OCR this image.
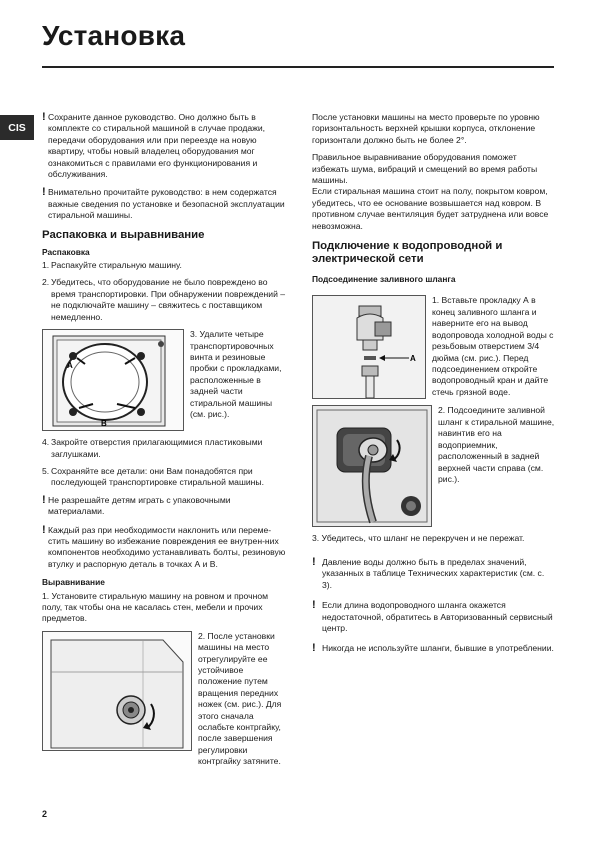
Установка
CIS
! Сохраните данное руководство. Оно должно быть в комплекте со стиральной машиной в случае продажи, передачи оборудования или при переезде на новую квартиру, чтобы новый владелец оборудования мог ознакомиться с правилами его функционирования и обслуживания.
! Внимательно прочитайте руководство: в нем содержатся важные сведения по установке и безопасной эксплуатации стиральной машины.
Распаковка и выравнивание
Распаковка
1. Распакуйте стиральную машину.
2. Убедитесь, что оборудование не было повреждено во время транспортировки. При обнаружении повреждений – не подключайте машину – свяжитесь с поставщиком немедленно.
A
B
3. Удалите четыре транспортировочных винта и резиновые пробки с прокладками, расположенные в задней части стиральной машины (см. рис.).
4. Закройте отверстия прилагающимися пластиковыми заглушками.
5. Сохраняйте все детали: они Вам понадобятся при последующей транспортировке стиральной машины.
! Не разрешайте детям играть с упаковочными материалами.
! Каждый раз при необходимости наклонить или переме-стить машину во избежание повреждения ее внутрен-них компонентов необходимо устанавливать болты, резиновую втулку и распорную деталь в точках А и В.
Выравнивание

1. Установите стиральную машину на ровном и прочном полу, так чтобы она не касалась стен, мебели и прочих предметов.

2. После установки машины на место отрегулируйте ее устойчивое положение путем вращения передних ножек (см. рис.). Для этого сначала ослабьте контргайку, после завершения регулировки контргайку затяните.

После установки машины на место проверьте по уровню горизонтальность верхней крышки корпуса, отклонение горизонтали должно быть не более 2°.

Правильное выравнивание оборудования поможет избежать шума, вибраций и смещений во время работы машины.

Если стиральная машина стоит на полу, покрытом ковром, убедитесь, что ее основание возвышается над ковром. В противном случае вентиляция будет затруднена или вовсе невозможна.

Подключение к водопроводной и электрической сети
Подсоединение заливного шланга
A
1. Вставьте прокладку А в конец заливного шланга и наверните его на вывод водопровода холодной воды с резьбовым отверстием 3/4 дюйма (см. рис.). Перед подсоединением откройте водопроводный кран и дайте стечь грязной воде.
2. Подсоедините заливной шланг к стиральной машине, навинтив его на водоприемник, расположенный в задней верхней части справа (см. рис.).

3. Убедитесь, что шланг не перекручен и не пережат.

! Давление воды должно быть в пределах значений, указанных в таблице Технических характеристик (см. с. 3).
! Если длина водопроводного шланга окажется недостаточной, обратитесь в Авторизованный сервисный центр.
! Никогда не используйте шланги, бывшие в употреблении.
2
